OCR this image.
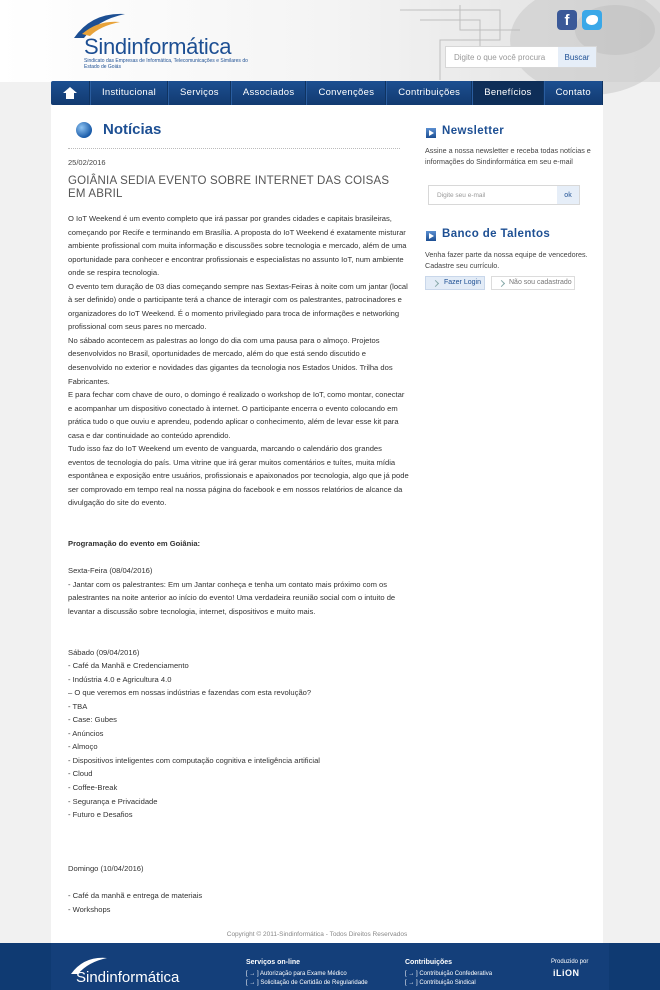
Sindinformática
Sindicato das Empresas de Informática, Telecomunicações e Similares do Estado de Goiás
f
Digite o que você procura
Buscar
Institucional	Serviços	Associados	Convenções	Contribuições	Benefícios	Contato
Notícias
25/02/2016
GOIÂNIA SEDIA EVENTO SOBRE INTERNET DAS COISAS EM ABRIL
O IoT Weekend é um evento completo que irá passar por grandes cidades e capitais brasileiras, começando por Recife e terminando em Brasília. A proposta do IoT Weekend é exatamente misturar ambiente profissional com muita informação e discussões sobre tecnologia e mercado, além de uma oportunidade para conhecer e encontrar profissionais e especialistas no assunto IoT, num ambiente onde se respira tecnologia.
O evento tem duração de 03 dias começando sempre nas Sextas-Feiras à noite com um jantar (local à ser definido) onde o participante terá a chance de interagir com os palestrantes, patrocinadores e organizadores do IoT Weekend. É o momento privilegiado para troca de informações e networking profissional com seus pares no mercado.
No sábado acontecem as palestras ao longo do dia com uma pausa para o almoço. Projetos desenvolvidos no Brasil, oportunidades de mercado, além do que está sendo discutido e desenvolvido no exterior e novidades das gigantes da tecnologia nos Estados Unidos. Trilha dos Fabricantes.
E para fechar com chave de ouro, o domingo é realizado o workshop de IoT, como montar, conectar e acompanhar um dispositivo conectado à internet. O participante encerra o evento colocando em prática tudo o que ouviu e aprendeu, podendo aplicar o conhecimento, além de levar esse kit para casa e dar continuidade ao conteúdo aprendido.
Tudo isso faz do IoT Weekend um evento de vanguarda, marcando o calendário dos grandes eventos de tecnologia do país. Uma vitrine que irá gerar muitos comentários e tuítes, muita mídia espontânea e exposição entre usuários, profissionais e apaixonados por tecnologia, algo que já pode ser comprovado em tempo real na nossa página do facebook e em nossos relatórios de alcance da divulgação do site do evento.
Programação do evento em Goiânia:
Sexta-Feira (08/04/2016)
- Jantar com os palestrantes: Em um Jantar conheça e tenha um contato mais próximo com os palestrantes na noite anterior ao início do evento! Uma verdadeira reunião social com o intuito de levantar a discussão sobre tecnologia, internet, dispositivos e muito mais.
Sábado (09/04/2016)
- Café da Manhã e Credenciamento
- Indústria 4.0 e Agricultura 4.0
– O que veremos em nossas indústrias e fazendas com esta revolução?
- TBA
- Case: Gubes
- Anúncios
- Almoço
- Dispositivos inteligentes com computação cognitiva e inteligência artificial
- Cloud
- Coffee-Break
- Segurança e Privacidade
- Futuro e Desafios
Domingo (10/04/2016)
- Café da manhã e entrega de materiais
- Workshops
Newsletter
Assine a nossa newsletter e receba todas notícias e informações do Sindinformática em seu e-mail
Digite seu e-mail
ok
Banco de Talentos
Venha fazer parte da nossa equipe de vencedores. Cadastre seu currículo.
Fazer Login	Não sou cadastrado
Copyright © 2011-Sindinformática - Todos Direitos Reservados
Sindinformática
Serviços on-line
[ → ] Autorização para Exame Médico
[ → ] Solicitação de Certidão de Regularidade
Contribuições
[ → ] Contribuição Confederativa
[ → ] Contribuição Sindical
Produzido por
iLiON
